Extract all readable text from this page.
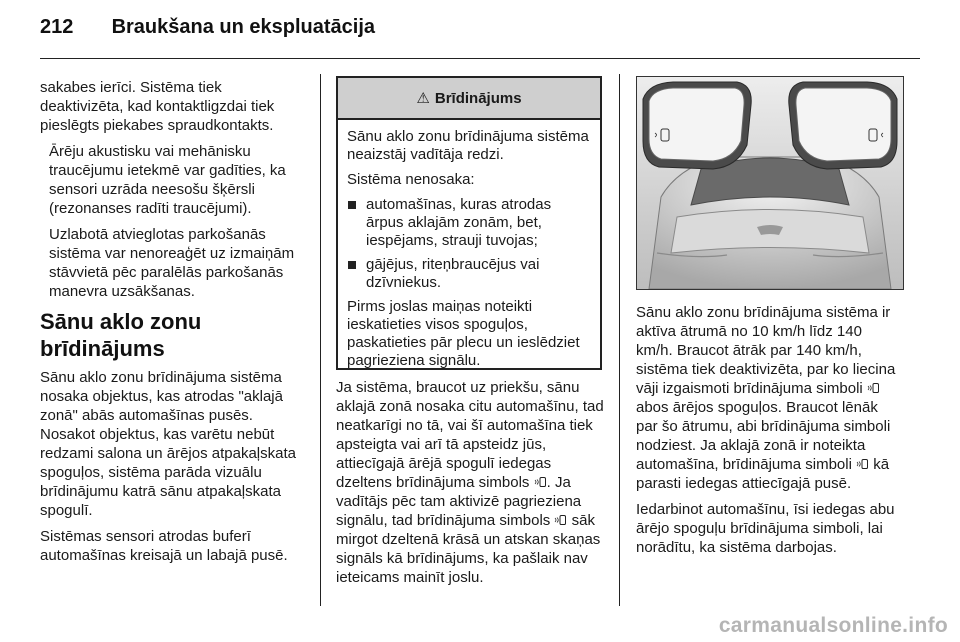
212 Braukšana un ekspluatācija

sakabes ierīci. Sistēma tiek deaktivizēta, kad kontaktligzdai tiek pieslēgts piekabes spraudkontakts.

Ārēju akustisku vai mehānisku traucējumu ietekmē var gadīties, ka sensori uzrāda neesošu šķērsli (rezonanses radīti traucējumi).

Uzlabotā atvieglotas parkošanās sistēma var nenoreaģēt uz izmaiņām stāvvietā pēc paralēlās parkošanās manevra uzsākšanas.

Sānu aklo zonu brīdinājums

Sānu aklo zonu brīdinājuma sistēma nosaka objektus, kas atrodas "aklajā zonā" abās automašīnas pusēs. Nosakot objektus, kas varētu nebūt redzami salona un ārējos atpakaļskata spoguļos, sistēma parāda vizuālu brīdinājumu katrā sānu atpakaļskata spogulī.

Sistēmas sensori atrodas buferī automašīnas kreisajā un labajā pusē.

⚠ Brīdinājums

Sānu aklo zonu brīdinājuma sistēma neaizstāj vadītāja redzi.

Sistēma nenosaka:

automašīnas, kuras atrodas ārpus aklajām zonām, bet, iespējams, strauji tuvojas;
gājējus, riteņbraucējus vai dzīvniekus.

Pirms joslas maiņas noteikti ieskatieties visos spoguļos, paskatieties pār plecu un ieslēdziet pagrieziena signālu.

Ja sistēma, braucot uz priekšu, sānu aklajā zonā nosaka citu automašīnu, tad neatkarīgi no tā, vai šī automašīna tiek apsteigta vai arī tā apsteidz jūs, attiecīgajā ārējā spogulī iedegas dzeltens brīdinājuma simbols . Ja vadītājs pēc tam aktivizē pagrieziena signālu, tad brīdinājuma simbols sāk mirgot dzeltenā krāsā un atskan skaņas signāls kā brīdinājums, ka pašlaik nav ieteicams mainīt joslu.

Sānu aklo zonu brīdinājuma sistēma ir aktīva ātrumā no 10 km/h līdz 140 km/h. Braucot ātrāk par 140 km/h, sistēma tiek deaktivizēta, par ko liecina vāji izgaismoti brīdinājuma simboli  abos ārējos spoguļos. Braucot lēnāk par šo ātrumu, abi brīdinājuma simboli nodziest. Ja aklajā zonā ir noteikta automašīna, brīdinājuma simboli kā parasti iedegas attiecīgajā pusē.

Iedarbinot automašīnu, īsi iedegas abu ārējo spoguļu brīdinājuma simboli, lai norādītu, ka sistēma darbojas.

carmanualsonline.info
